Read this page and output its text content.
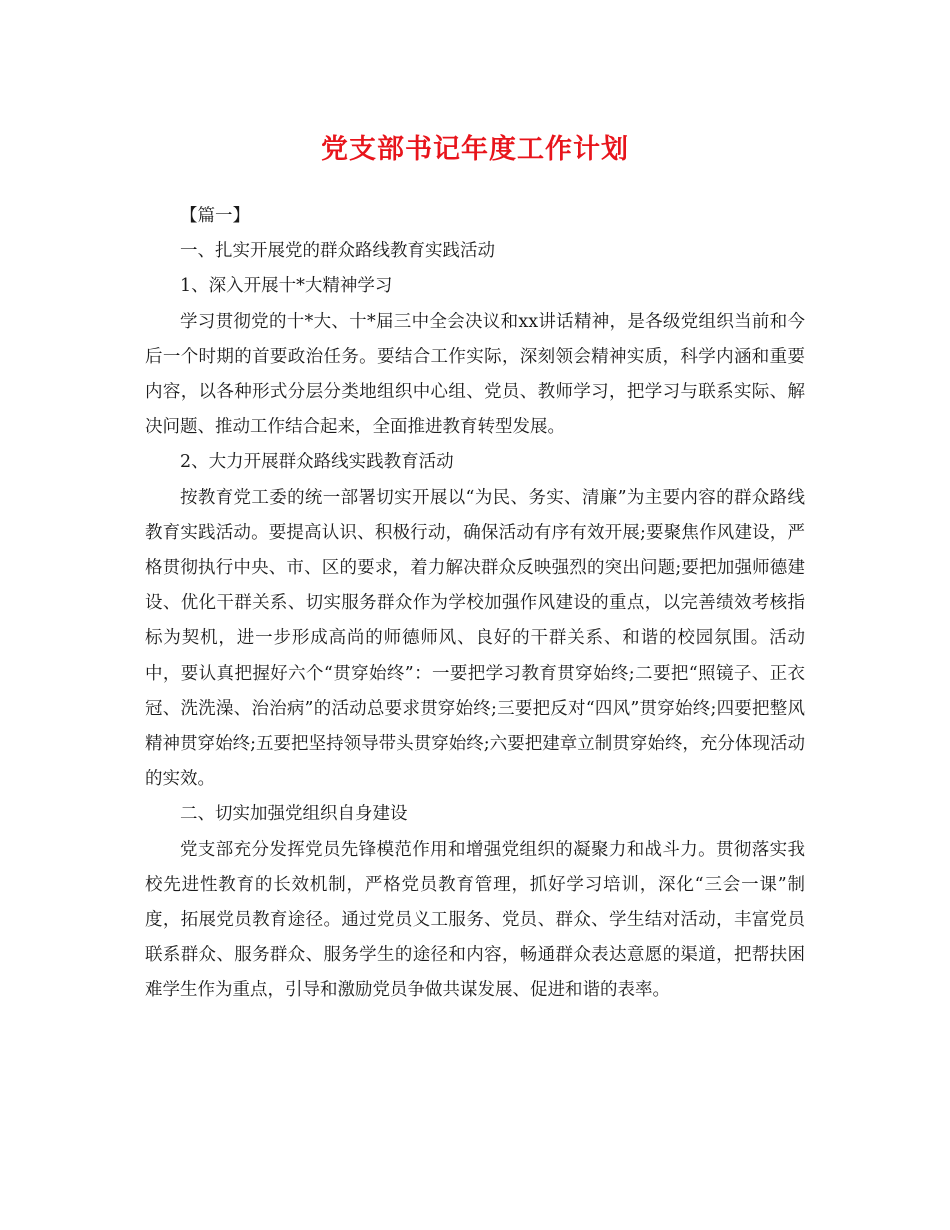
党支部书记年度工作计划

【篇一】

一、扎实开展党的群众路线教育实践活动

1、深入开展十*大精神学习

学习贯彻党的十*大、十*届三中全会决议和xx讲话精神，是各级党组织当前和今后一个时期的首要政治任务。要结合工作实际，深刻领会精神实质，科学内涵和重要内容，以各种形式分层分类地组织中心组、党员、教师学习，把学习与联系实际、解决问题、推动工作结合起来，全面推进教育转型发展。

2、大力开展群众路线实践教育活动

按教育党工委的统一部署切实开展以“为民、务实、清廉”为主要内容的群众路线教育实践活动。要提高认识、积极行动，确保活动有序有效开展;要聚焦作风建设，严格贯彻执行中央、市、区的要求，着力解决群众反映强烈的突出问题;要把加强师德建设、优化干群关系、切实服务群众作为学校加强作风建设的重点，以完善绩效考核指标为契机，进一步形成高尚的师德师风、良好的干群关系、和谐的校园氛围。活动中，要认真把握好六个“贯穿始终”：一要把学习教育贯穿始终;二要把“照镜子、正衣冠、洗洗澡、治治病”的活动总要求贯穿始终;三要把反对“四风”贯穿始终;四要把整风精神贯穿始终;五要把坚持领导带头贯穿始终;六要把建章立制贯穿始终，充分体现活动的实效。

二、切实加强党组织自身建设

党支部充分发挥党员先锋模范作用和增强党组织的凝聚力和战斗力。贯彻落实我校先进性教育的长效机制，严格党员教育管理，抓好学习培训，深化“三会一课”制度，拓展党员教育途径。通过党员义工服务、党员、群众、学生结对活动，丰富党员联系群众、服务群众、服务学生的途径和内容，畅通群众表达意愿的渠道，把帮扶困难学生作为重点，引导和激励党员争做共谋发展、促进和谐的表率。
